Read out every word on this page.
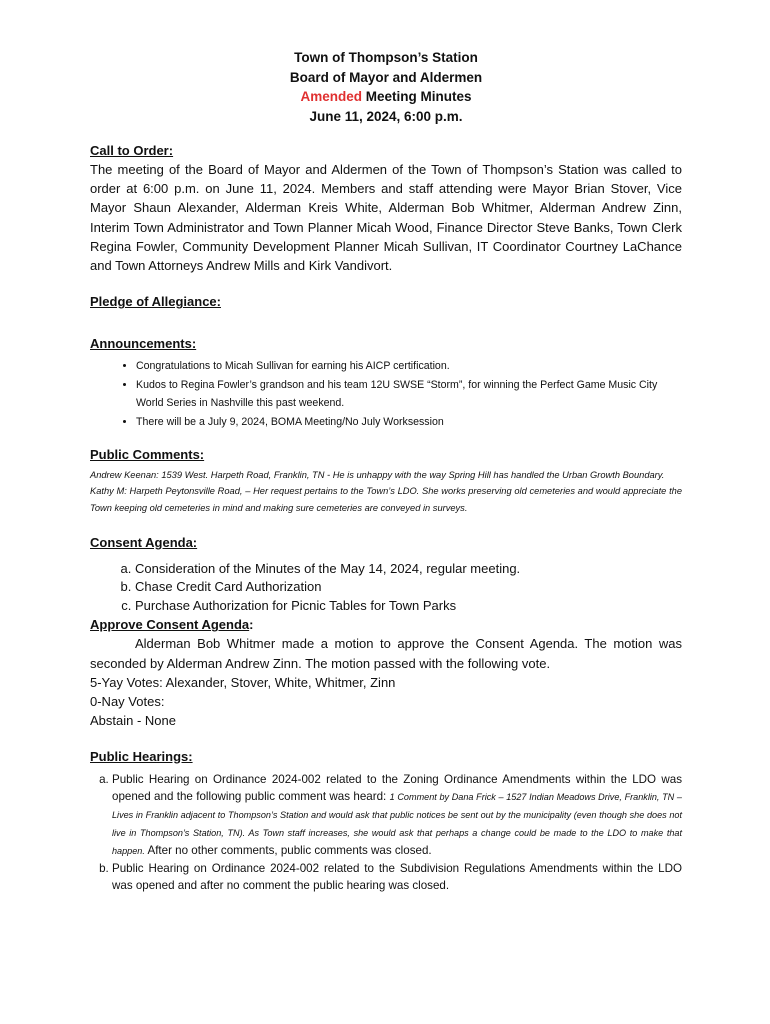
Town of Thompson’s Station
Board of Mayor and Aldermen
Amended Meeting Minutes
June 11, 2024, 6:00 p.m.
Call to Order:

The meeting of the Board of Mayor and Aldermen of the Town of Thompson’s Station was called to order at 6:00 p.m. on June 11, 2024. Members and staff attending were Mayor Brian Stover, Vice Mayor Shaun Alexander, Alderman Kreis White, Alderman Bob Whitmer, Alderman Andrew Zinn, Interim Town Administrator and Town Planner Micah Wood, Finance Director Steve Banks, Town Clerk Regina Fowler, Community Development Planner Micah Sullivan, IT Coordinator Courtney LaChance and Town Attorneys Andrew Mills and Kirk Vandivort.

Pledge of Allegiance:
Announcements:
• Congratulations to Micah Sullivan for earning his AICP certification.
• Kudos to Regina Fowler’s grandson and his team 12U SWSE “Storm”, for winning the Perfect Game Music City World Series in Nashville this past weekend.
• There will be a July 9, 2024, BOMA Meeting/No July Worksession
Public Comments:

Andrew Keenan: 1539 West. Harpeth Road, Franklin, TN - He is unhappy with the way Spring Hill has handled the Urban Growth Boundary.

Kathy M: Harpeth Peytonsville Road, – Her request pertains to the Town’s LDO. She works preserving old cemeteries and would appreciate the Town keeping old cemeteries in mind and making sure cemeteries are conveyed in surveys.

Consent Agenda:
a. Consideration of the Minutes of the May 14, 2024, regular meeting.
b. Chase Credit Card Authorization
c. Purchase Authorization for Picnic Tables for Town Parks
Approve Consent Agenda:

Alderman Bob Whitmer made a motion to approve the Consent Agenda. The motion was seconded by Alderman Andrew Zinn. The motion passed with the following vote.

5-Yay Votes: Alexander, Stover, White, Whitmer, Zinn
0-Nay Votes:
Abstain - None
Public Hearings:
a. Public Hearing on Ordinance 2024-002 related to the Zoning Ordinance Amendments within the LDO was opened and the following public comment was heard: 1 Comment by Dana Frick – 1527 Indian Meadows Drive, Franklin, TN – Lives in Franklin adjacent to Thompson’s Station and would ask that public notices be sent out by the municipality (even though she does not live in Thompson’s Station, TN). As Town staff increases, she would ask that perhaps a change could be made to the LDO to make that happen. After no other comments, public comments was closed.
b. Public Hearing on Ordinance 2024-002 related to the Subdivision Regulations Amendments within the LDO was opened and after no comment the public hearing was closed.
